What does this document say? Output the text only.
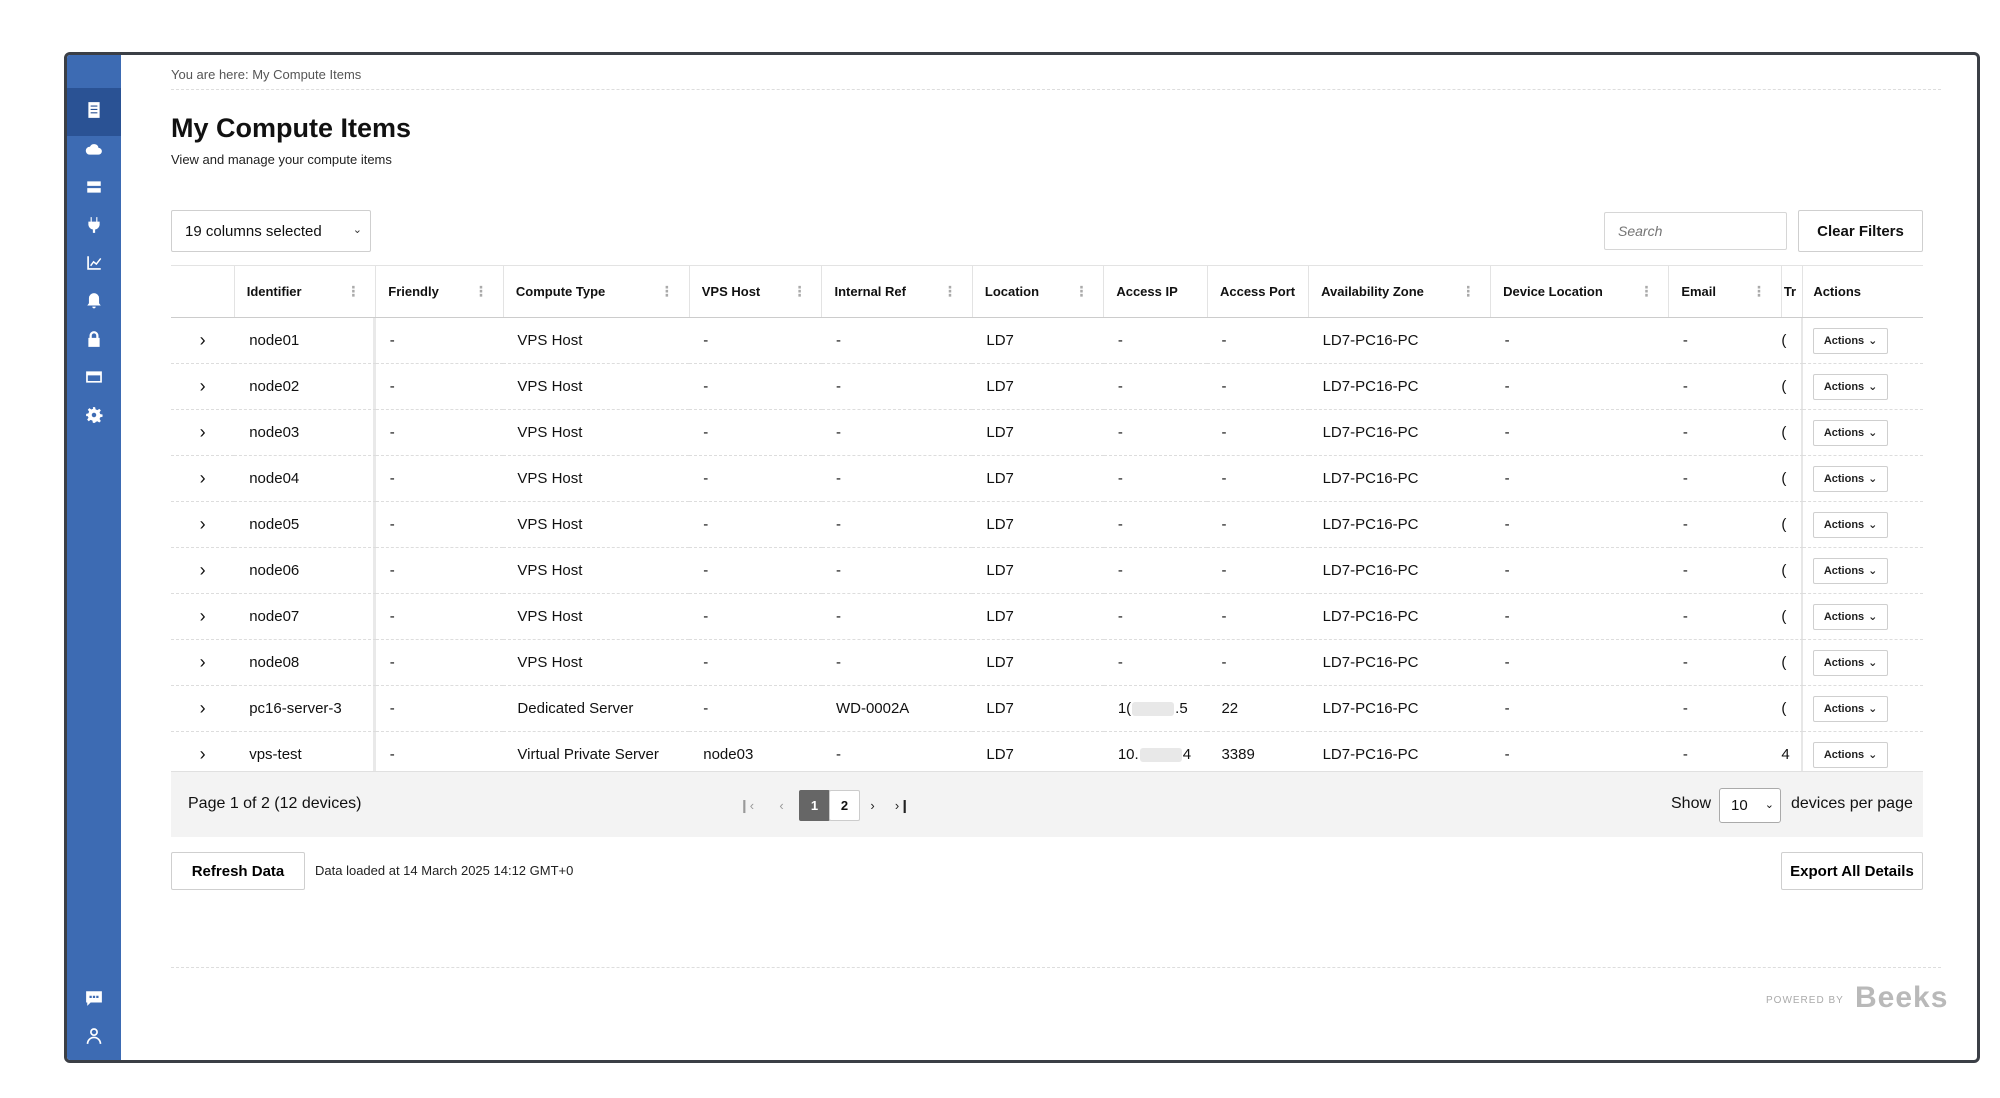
You are here: My Compute Items
My Compute Items
View and manage your compute items
19 columns selected	⌄
Search	Clear Filters
	Identifier ⋮	Friendly ⋮	Compute Type ⋮	VPS Host ⋮	Internal Ref ⋮	Location ⋮	Access IP	Access Port	Availability Zone ⋮	Device Location ⋮	Email ⋮	Tr	Actions
›	node01	-	VPS Host	-	-	LD7	-	-	LD7-PC16-PC	-	-	(	Actions ⌄

›	node02	-	VPS Host	-	-	LD7	-	-	LD7-PC16-PC	-	-	(	Actions ⌄

›	node03	-	VPS Host	-	-	LD7	-	-	LD7-PC16-PC	-	-	(	Actions ⌄

›	node04	-	VPS Host	-	-	LD7	-	-	LD7-PC16-PC	-	-	(	Actions ⌄

›	node05	-	VPS Host	-	-	LD7	-	-	LD7-PC16-PC	-	-	(	Actions ⌄

›	node06	-	VPS Host	-	-	LD7	-	-	LD7-PC16-PC	-	-	(	Actions ⌄

›	node07	-	VPS Host	-	-	LD7	-	-	LD7-PC16-PC	-	-	(	Actions ⌄

›	node08	-	VPS Host	-	-	LD7	-	-	LD7-PC16-PC	-	-	(	Actions ⌄

›	pc16-server-3	-	Dedicated Server	-	WD-0002A	LD7	1( .5	22	LD7-PC16-PC	-	-	(	Actions ⌄

›	vps-test	-	Virtual Private Server	node03	-	LD7	10. 4	3389	LD7-PC16-PC	-	-	4	Actions ⌄
Page 1 of 2 (12 devices)	❙‹	‹	1	2	›	›❙	Show 10 ⌄ devices per page
Refresh Data	Data loaded at 14 March 2025 14:12 GMT+0	Export All Details
POWERED BY Beeks
